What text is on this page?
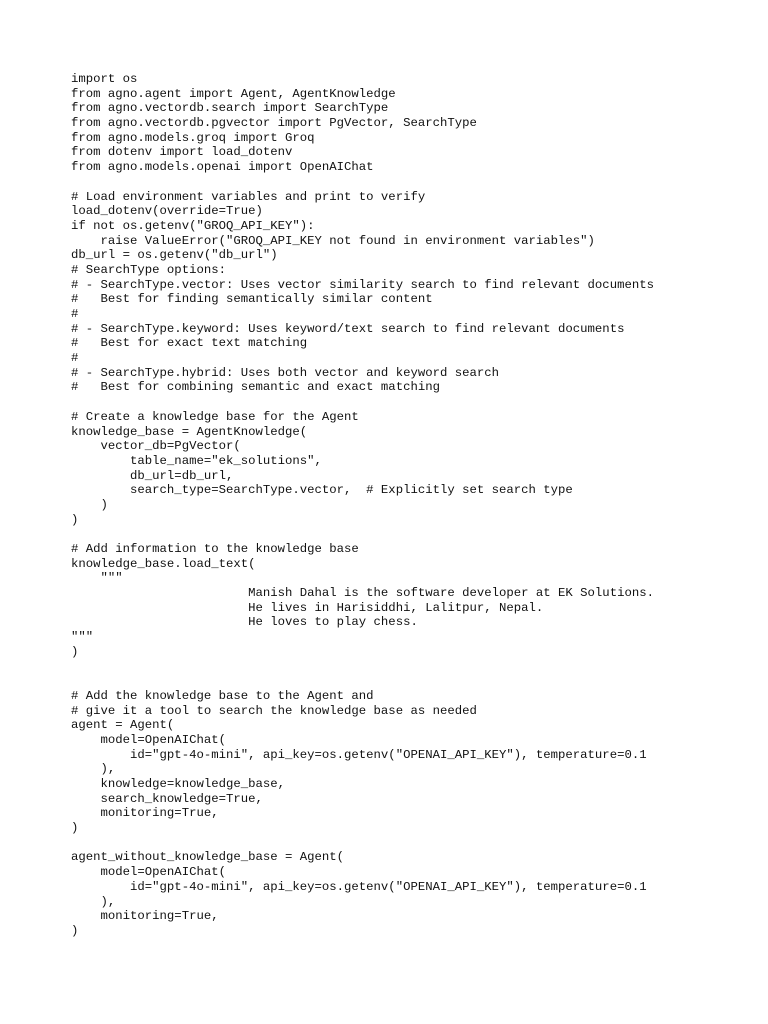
import os
from agno.agent import Agent, AgentKnowledge
from agno.vectordb.search import SearchType
from agno.vectordb.pgvector import PgVector, SearchType
from agno.models.groq import Groq
from dotenv import load_dotenv
from agno.models.openai import OpenAIChat
# Load environment variables and print to verify
load_dotenv(override=True)
if not os.getenv("GROQ_API_KEY"):
raise ValueError("GROQ_API_KEY not found in environment variables")
db_url = os.getenv("db_url")
# SearchType options:
# - SearchType.vector: Uses vector similarity search to find relevant documents
#   Best for finding semantically similar content
#
# - SearchType.keyword: Uses keyword/text search to find relevant documents
#   Best for exact text matching
#
# - SearchType.hybrid: Uses both vector and keyword search
#   Best for combining semantic and exact matching
# Create a knowledge base for the Agent
knowledge_base = AgentKnowledge(
vector_db=PgVector(
table_name="ek_solutions",
db_url=db_url,
search_type=SearchType.vector,  # Explicitly set search type
)
)
# Add information to the knowledge base
knowledge_base.load_text(
"""
Manish Dahal is the software developer at EK Solutions.
He lives in Harisiddhi, Lalitpur, Nepal.
He loves to play chess.
"""
)
# Add the knowledge base to the Agent and
# give it a tool to search the knowledge base as needed
agent = Agent(
model=OpenAIChat(
id="gpt-4o-mini", api_key=os.getenv("OPENAI_API_KEY"), temperature=0.1
),
knowledge=knowledge_base,
search_knowledge=True,
monitoring=True,
)
agent_without_knowledge_base = Agent(
model=OpenAIChat(
id="gpt-4o-mini", api_key=os.getenv("OPENAI_API_KEY"), temperature=0.1
),
monitoring=True,
)
